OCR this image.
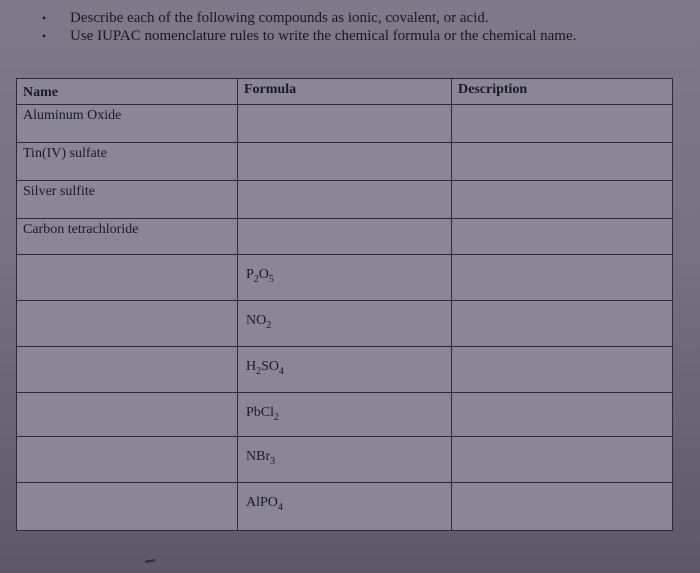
•	Describe each of the following compounds as ionic, covalent, or acid.
•	Use IUPAC nomenclature rules to write the chemical formula or the chemical name.
Name	Formula	Description
Aluminum Oxide		
Tin(IV) sulfate		
Silver sulfite		
Carbon tetrachloride		
	$P_2O_5$	
	$NO_2$	
	$H_2SO_4$	
	PbCl$_2$	
	NBr$_3$	
	AlPO$_4$	
